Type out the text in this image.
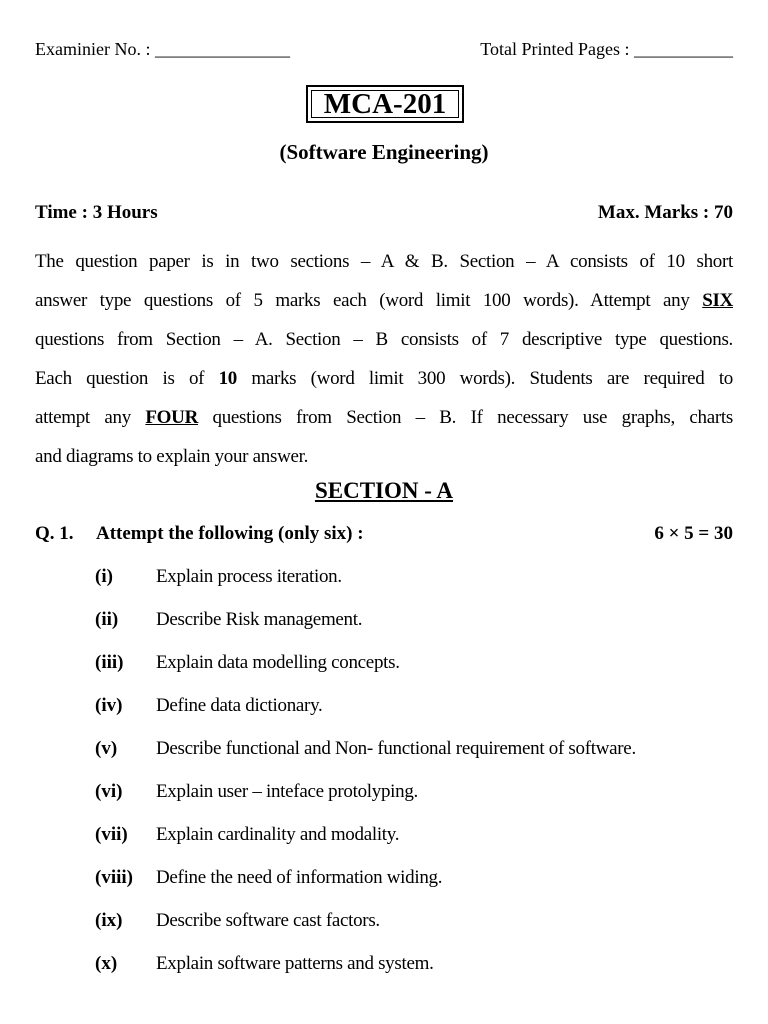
Examinier No. : _______________	Total Printed Pages : ___________
MCA-201
(Software Engineering)
Time : 3 Hours	Max. Marks : 70
The question paper is in two sections – A & B. Section – A consists of 10 short
answer type questions of 5 marks each (word limit 100 words). Attempt any SIX
questions from Section – A. Section – B consists of 7 descriptive type questions.
Each question is of 10 marks (word limit 300 words). Students are required to
attempt any FOUR questions from Section – B. If necessary use graphs, charts
and diagrams to explain your answer.
SECTION - A
Q. 1. Attempt the following (only six) :	6 × 5 = 30
(i) Explain process iteration.
(ii) Describe Risk management.
(iii) Explain data modelling concepts.
(iv) Define data dictionary.
(v) Describe functional and Non- functional requirement of software.
(vi) Explain user – inteface protolyping.
(vii) Explain cardinality and modality.
(viii) Define the need of information widing.
(ix) Describe software cast factors.
(x) Explain software patterns and system.
